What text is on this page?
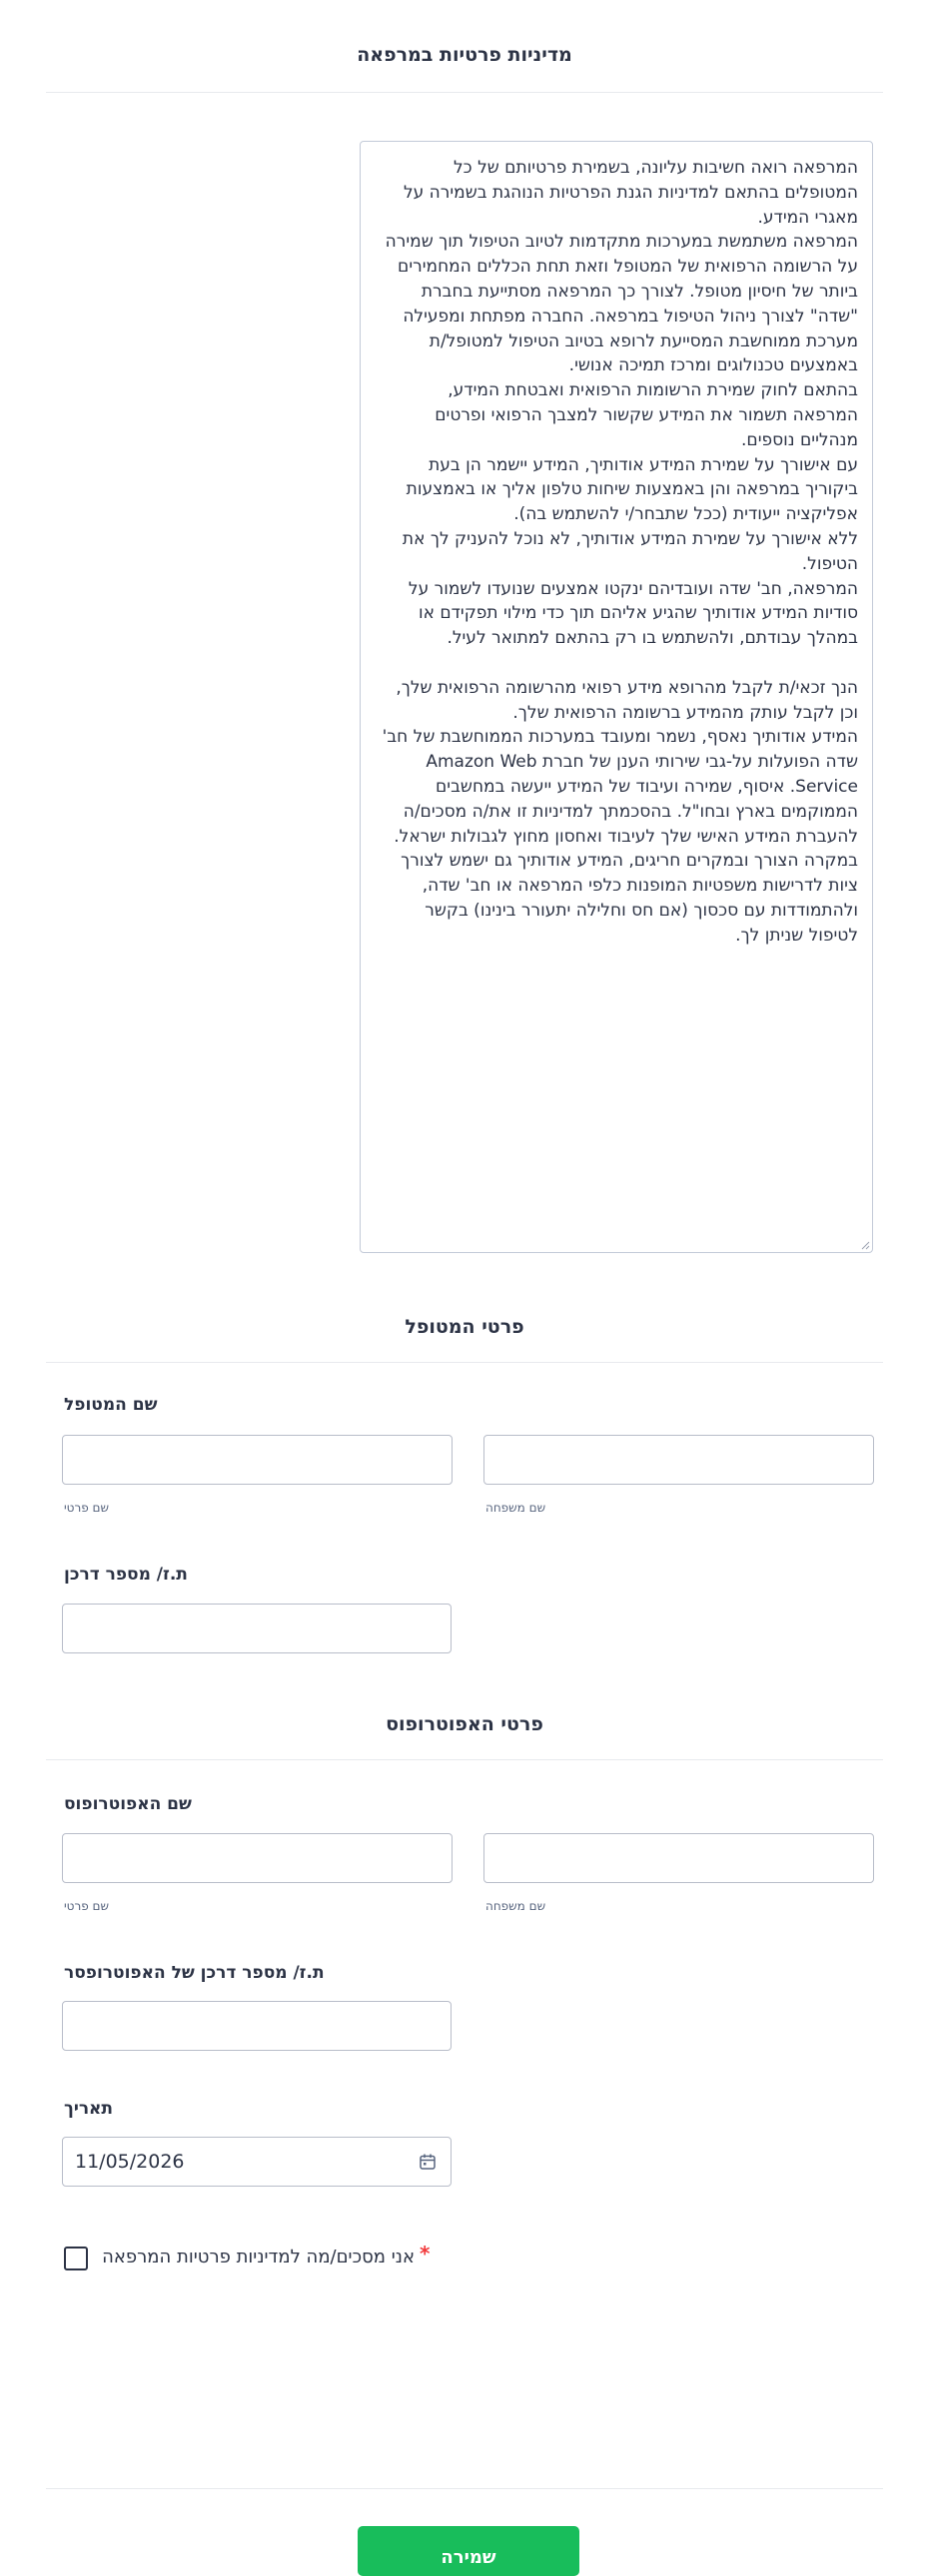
מדיניות פרטיות במרפאה
המרפאה רואה חשיבות עליונה, בשמירת פרטיותם של כל המטופלים בהתאם למדיניות הגנת הפרטיות הנוהגת בשמירה על מאגרי המידע.
המרפאה משתמשת במערכות מתקדמות לטיוב הטיפול תוך שמירה על הרשומה הרפואית של המטופל וזאת תחת הכללים המחמירים ביותר של חיסיון מטופל. לצורך כך המרפאה מסתייעת בחברת "שדה" לצורך ניהול הטיפול במרפאה. החברה מפתחת ומפעילה מערכת ממוחשבת המסייעת לרופא בטיוב הטיפול למטופל/ת באמצעים טכנולוגים ומרכז תמיכה אנושי.
בהתאם לחוק שמירת הרשומות הרפואית ואבטחת המידע, המרפאה תשמור את המידע שקשור למצבך הרפואי ופרטים מנהליים נוספים.
עם אישורך על שמירת המידע אודותיך, המידע יישמר הן בעת ביקוריך במרפאה והן באמצעות שיחות טלפון אליך או באמצעות אפליקציה ייעודית (ככל שתבחר/י להשתמש בה).
ללא אישורך על שמירת המידע אודותיך, לא נוכל להעניק לך את הטיפול.
המרפאה, חב' שדה ועובדיהם ינקטו אמצעים שנועדו לשמור על סודיות המידע אודותיך שהגיע אליהם תוך כדי מילוי תפקידם או במהלך עבודתם, ולהשתמש בו רק בהתאם למתואר לעיל.

הנך זכאי/ת לקבל מהרופא מידע רפואי מהרשומה הרפואית שלך, וכן לקבל עותק מהמידע ברשומה הרפואית שלך.
המידע אודותיך נאסף, נשמר ומעובד במערכות הממוחשבת של חב' שדה הפועלות על-גבי שירותי הענן של חברת Amazon Web Service. איסוף, שמירה ועיבוד של המידע ייעשה במחשבים הממוקמים בארץ ובחו"ל. בהסכמתך למדיניות זו את/ה מסכים/ה להעברת המידע האישי שלך לעיבוד ואחסון מחוץ לגבולות ישראל.
במקרה הצורך ובמקרים חריגים, המידע אודותיך גם ישמש לצורך ציות לדרישות משפטיות המופנות כלפי המרפאה או חב' שדה, ולהתמודדות עם סכסוך (אם חס וחלילה יתעורר בינינו) בקשר לטיפול שניתן לך.
פרטי המטופל
שם המטופל
שם משפחה
שם פרטי
ת.ז/ מספר דרכן
פרטי האפוטרופוס
שם האפוטרופוס
שם משפחה
שם פרטי
ת.ז/ מספר דרכן של האפוטרופסר
תאריך
11/05/2026
אני מסכים/מה למדיניות פרטיות המרפאה *
שמירה
